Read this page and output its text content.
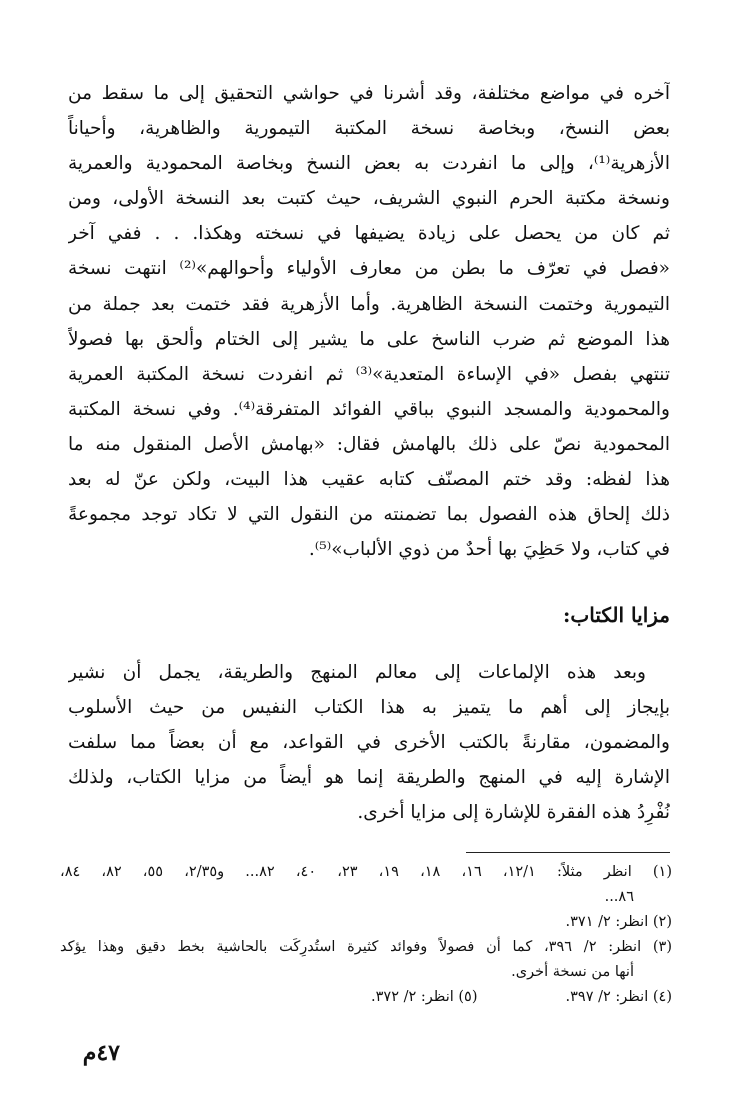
آخره في مواضع مختلفة، وقد أشرنا في حواشي التحقيق إلى ما سقط من
بعض النسخ، وبخاصة نسخة المكتبة التيمورية والظاهرية، وأحياناً
الأزهرية⁽¹⁾، وإلى ما انفردت به بعض النسخ وبخاصة المحمودية والعمرية
ونسخة مكتبة الحرم النبوي الشريف، حيث كتبت بعد النسخة الأولى، ومن
ثم كان من يحصل على زيادة يضيفها في نسخته وهكذا. . . ففي آخر
«فصل في تعرّف ما بطن من معارف الأولياء وأحوالهم»⁽²⁾ انتهت نسخة
التيمورية وختمت النسخة الظاهرية. وأما الأزهرية فقد ختمت بعد جملة من
هذا الموضع ثم ضرب الناسخ على ما يشير إلى الختام وألحق بها فصولاً
تنتهي بفصل «في الإساءة المتعدية»⁽³⁾ ثم انفردت نسخة المكتبة العمرية
والمحمودية والمسجد النبوي بباقي الفوائد المتفرقة⁽⁴⁾. وفي نسخة المكتبة
المحمودية نصّ على ذلك بالهامش فقال: «بهامش الأصل المنقول منه ما
هذا لفظه: وقد ختم المصنّف كتابه عقيب هذا البيت، ولكن عنّ له بعد
ذلك إلحاق هذه الفصول بما تضمنته من النقول التي لا تكاد توجد مجموعةً
في كتاب، ولا حَظِيَ بها أحدٌ من ذوي الألباب»⁽⁵⁾.
مزايا الكتاب:
وبعد هذه الإلماعات إلى معالم المنهج والطريقة، يجمل أن نشير
بإيجاز إلى أهم ما يتميز به هذا الكتاب النفيس من حيث الأسلوب
والمضمون، مقارنةً بالكتب الأخرى في القواعد، مع أن بعضاً مما سلفت
الإشارة إليه في المنهج والطريقة إنما هو أيضاً من مزايا الكتاب، ولذلك
نُفْرِدُ هذه الفقرة للإشارة إلى مزايا أخرى.
(١) انظر مثلاً: ١٢/١، ١٦، ١٨، ١٩، ٢٣، ٤٠، ٨٢... و٢/٣٥، ٥٥، ٨٢، ٨٤،
٨٦...
(٢) انظر: ٢/ ٣٧١.
(٣) انظر: ٢/ ٣٩٦، كما أن فصولاً وفوائد كثيرة استُدرِكَت بالحاشية بخط دقيق وهذا يؤكد
أنها من نسخة أخرى.
(٤) انظر: ٢/ ٣٩٧.(٥) انظر: ٢/ ٣٧٢.
٤٧م
